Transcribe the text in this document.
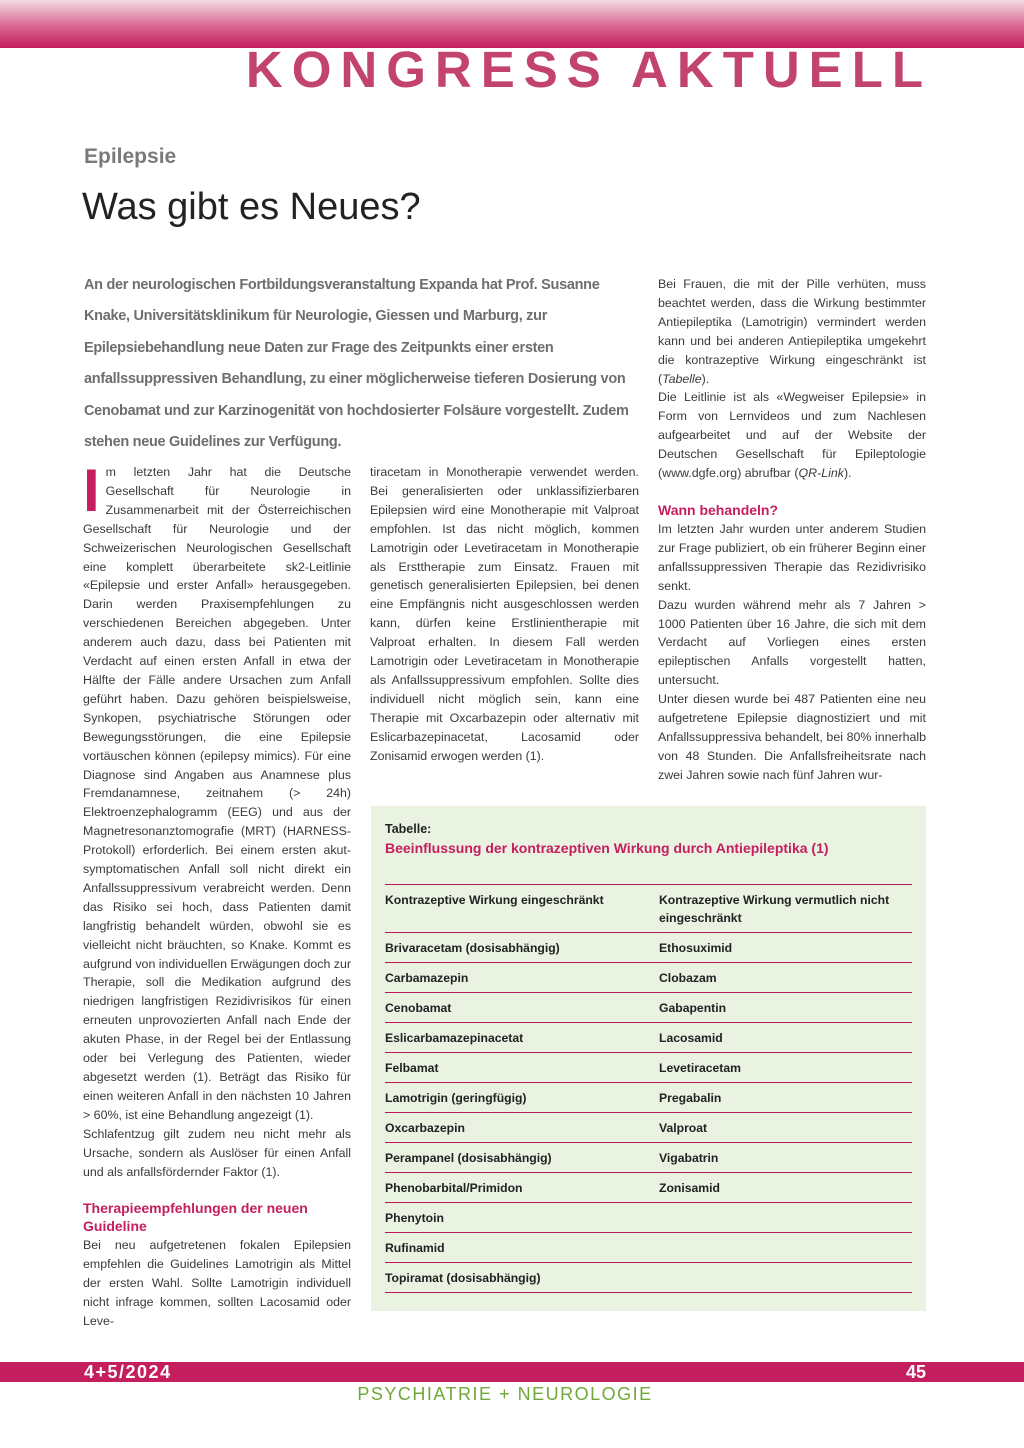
KONGRESS AKTUELL
Epilepsie
Was gibt es Neues?
An der neurologischen Fortbildungsveranstaltung Expanda hat Prof. Susanne Knake, Universitätsklinikum für Neurologie, Giessen und Marburg, zur Epilepsiebehandlung neue Daten zur Frage des Zeitpunkts einer ersten anfallssuppressiven Behandlung, zu einer möglicherweise tieferen Dosierung von Cenobamat und zur Karzinogenität von hochdosierter Folsäure vorgestellt. Zudem stehen neue Guidelines zur Verfügung.

Im letzten Jahr hat die Deutsche Gesellschaft für Neurologie in Zusammenarbeit mit der Österreichischen Gesellschaft für Neurologie und der Schweizerischen Neurologischen Gesellschaft eine komplett überarbeitete sk2-Leitlinie «Epilepsie und erster Anfall» herausgegeben. Darin werden Praxisempfehlungen zu verschiedenen Bereichen abgegeben. Unter anderem auch dazu, dass bei Patienten mit Verdacht auf einen ersten Anfall in etwa der Hälfte der Fälle andere Ursachen zum Anfall geführt haben. Dazu gehören beispielsweise, Synkopen, psychiatrische Störungen oder Bewegungsstörungen, die eine Epilepsie vortäuschen können (epilepsy mimics). Für eine Diagnose sind Angaben aus Anamnese plus Fremdanamnese, zeitnahem (> 24h) Elektroenzephalogramm (EEG) und aus der Magnetresonanztomografie (MRT) (HARNESS-Protokoll) erforderlich. Bei einem ersten akut-symptomatischen Anfall soll nicht direkt ein Anfallssuppressivum verabreicht werden. Denn das Risiko sei hoch, dass Patienten damit langfristig behandelt würden, obwohl sie es vielleicht nicht bräuchten, so Knake. Kommt es aufgrund von individuellen Erwägungen doch zur Therapie, soll die Medikation aufgrund des niedrigen langfristigen Rezidivrisikos für einen erneuten unprovozierten Anfall nach Ende der akuten Phase, in der Regel bei der Entlassung oder bei Verlegung des Patienten, wieder abgesetzt werden (1). Beträgt das Risiko für einen weiteren Anfall in den nächsten 10 Jahren > 60%, ist eine Behandlung angezeigt (1).

Schlafentzug gilt zudem neu nicht mehr als Ursache, sondern als Auslöser für einen Anfall und als anfallsfördernder Faktor (1).

Therapieempfehlungen der neuen Guideline

Bei neu aufgetretenen fokalen Epilepsien empfehlen die Guidelines Lamotrigin als Mittel der ersten Wahl. Sollte Lamotrigin individuell nicht infrage kommen, sollten Lacosamid oder Leve-

tiracetam in Monotherapie verwendet werden. Bei generalisierten oder unklassifizierbaren Epilepsien wird eine Monotherapie mit Valproat empfohlen. Ist das nicht möglich, kommen Lamotrigin oder Levetiracetam in Monotherapie als Ersttherapie zum Einsatz. Frauen mit genetisch generalisierten Epilepsien, bei denen eine Empfängnis nicht ausgeschlossen werden kann, dürfen keine Erstlinientherapie mit Valproat erhalten. In diesem Fall werden Lamotrigin oder Levetiracetam in Monotherapie als Anfallssuppressivum empfohlen. Sollte dies individuell nicht möglich sein, kann eine Therapie mit Oxcarbazepin oder alternativ mit Eslicarbazepinacetat, Lacosamid oder Zonisamid erwogen werden (1).

Bei Frauen, die mit der Pille verhüten, muss beachtet werden, dass die Wirkung bestimmter Antiepileptika (Lamotrigin) vermindert werden kann und bei anderen Antiepileptika umgekehrt die kontrazeptive Wirkung eingeschränkt ist (Tabelle).

Die Leitlinie ist als «Wegweiser Epilepsie» in Form von Lernvideos und zum Nachlesen aufgearbeitet und auf der Website der Deutschen Gesellschaft für Epileptologie (www.dgfe.org) abrufbar (QR-Link).

Wann behandeln?

Im letzten Jahr wurden unter anderem Studien zur Frage publiziert, ob ein früherer Beginn einer anfallssuppressiven Therapie das Rezidivrisiko senkt.

Dazu wurden während mehr als 7 Jahren > 1000 Patienten über 16 Jahre, die sich mit dem Verdacht auf Vorliegen eines ersten epileptischen Anfalls vorgestellt hatten, untersucht.

Unter diesen wurde bei 487 Patienten eine neu aufgetretene Epilepsie diagnostiziert und mit Anfallssuppressiva behandelt, bei 80% innerhalb von 48 Stunden. Die Anfallsfreiheitsrate nach zwei Jahren sowie nach fünf Jahren wur-

Tabelle:
Beeinflussung der kontrazeptiven Wirkung durch Antiepileptika (1)
Kontrazeptive Wirkung eingeschränkt	Kontrazeptive Wirkung vermutlich nicht eingeschränkt
Brivaracetam (dosisabhängig)	Ethosuximid
Carbamazepin	Clobazam
Cenobamat	Gabapentin
Eslicarbamazepinacetat	Lacosamid
Felbamat	Levetiracetam
Lamotrigin (geringfügig)	Pregabalin
Oxcarbazepin	Valproat
Perampanel (dosisabhängig)	Vigabatrin
Phenobarbital/Primidon	Zonisamid
Phenytoin
Rufinamid
Topiramat (dosisabhängig)
4+5/2024	45
PSYCHIATRIE + NEUROLOGIE
